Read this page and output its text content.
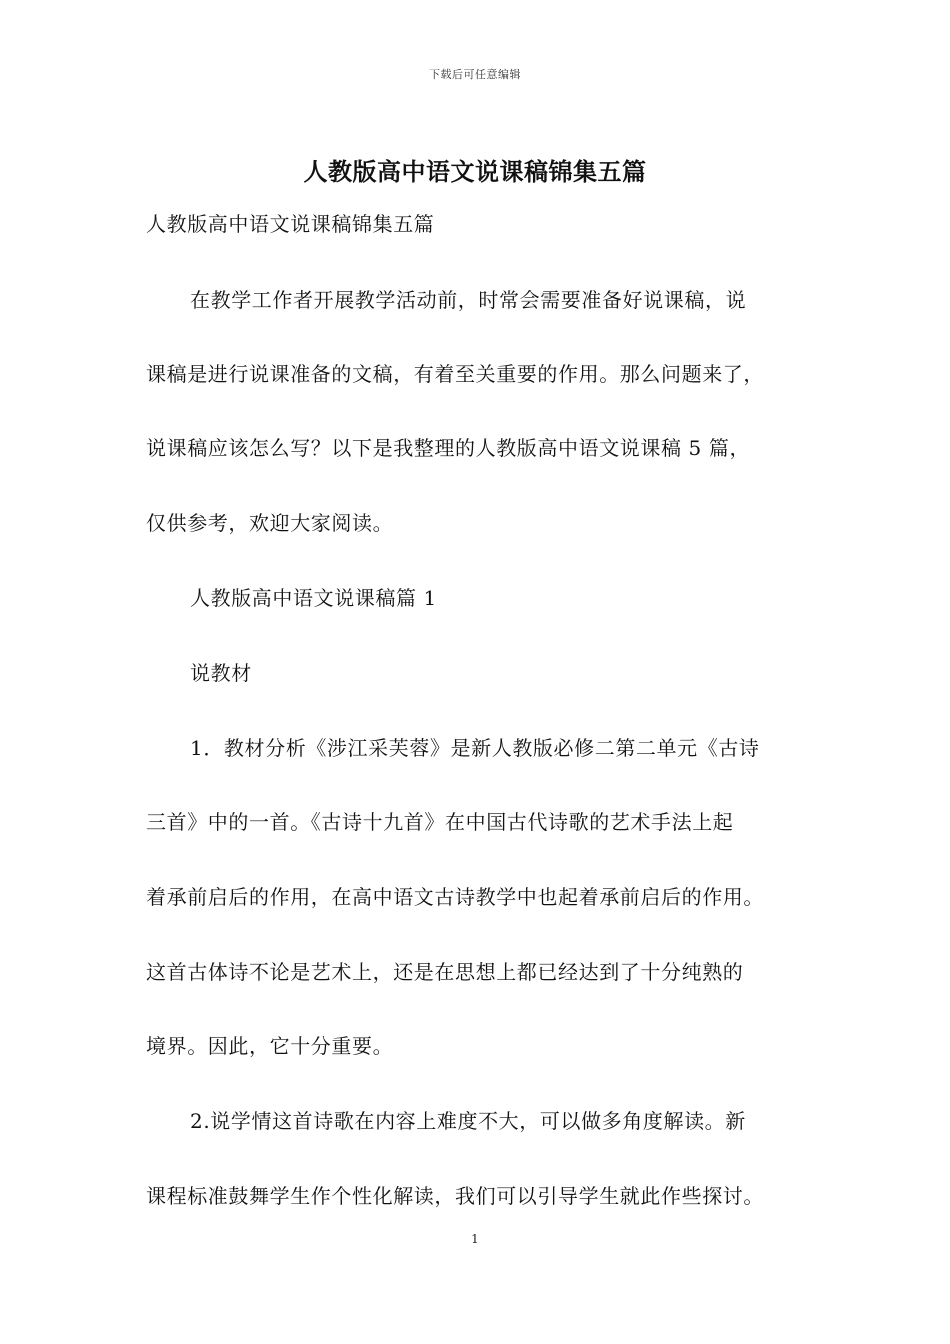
下载后可任意编辑
人教版高中语文说课稿锦集五篇
人教版高中语文说课稿锦集五篇
在教学工作者开展教学活动前，时常会需要准备好说课稿，说
课稿是进行说课准备的文稿，有着至关重要的作用。那么问题来了，
说课稿应该怎么写？以下是我整理的人教版高中语文说课稿 5 篇，
仅供参考，欢迎大家阅读。
人教版高中语文说课稿篇 1
说教材
1．教材分析《涉江采芙蓉》是新人教版必修二第二单元《古诗
三首》中的一首。《古诗十九首》在中国古代诗歌的艺术手法上起
着承前启后的作用，在高中语文古诗教学中也起着承前启后的作用。
这首古体诗不论是艺术上，还是在思想上都已经达到了十分纯熟的
境界。因此，它十分重要。
2.说学情这首诗歌在内容上难度不大，可以做多角度解读。新
课程标准鼓舞学生作个性化解读，我们可以引导学生就此作些探讨。
1
